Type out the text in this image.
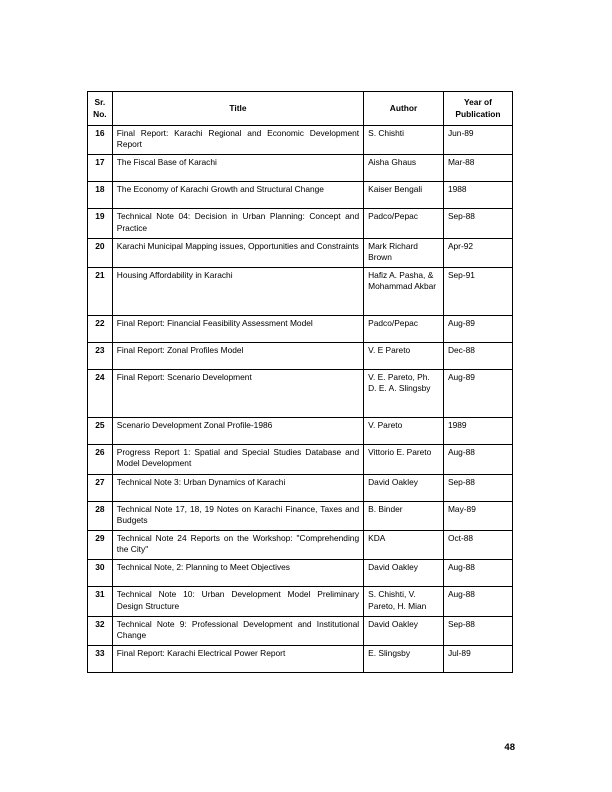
Sr. No.	Title	Author	Year of Publication
16	Final Report: Karachi Regional and Economic Development Report	S. Chishti	Jun-89
17	The Fiscal Base of Karachi	Aisha Ghaus	Mar-88
18	The Economy of Karachi Growth and Structural Change	Kaiser Bengali	1988
19	Technical Note 04: Decision in Urban Planning: Concept and Practice	Padco/Pepac	Sep-88
20	Karachi Municipal Mapping issues, Opportunities and Constraints	Mark Richard Brown	Apr-92
21	Housing Affordability in Karachi	Hafiz A. Pasha, & Mohammad Akbar	Sep-91
22	Final Report: Financial Feasibility Assessment Model	Padco/Pepac	Aug-89
23	Final Report: Zonal Profiles Model	V. E Pareto	Dec-88
24	Final Report: Scenario Development	V. E. Pareto, Ph. D. E. A. Slingsby	Aug-89
25	Scenario Development Zonal Profile-1986	V. Pareto	1989
26	Progress Report 1: Spatial and Special Studies Database and Model Development	Vittorio E. Pareto	Aug-88
27	Technical Note 3: Urban Dynamics of Karachi	David Oakley	Sep-88
28	Technical Note 17, 18, 19 Notes on Karachi Finance, Taxes and Budgets	B. Binder	May-89
29	Technical Note 24 Reports on the Workshop: "Comprehending the City"	KDA	Oct-88
30	Technical Note, 2: Planning to Meet Objectives	David Oakley	Aug-88
31	Technical Note 10: Urban Development Model Preliminary Design Structure	S. Chishti, V. Pareto, H. Mian	Aug-88
32	Technical Note 9: Professional Development and Institutional Change	David Oakley	Sep-88
33	Final Report: Karachi Electrical Power Report	E. Slingsby	Jul-89
48
